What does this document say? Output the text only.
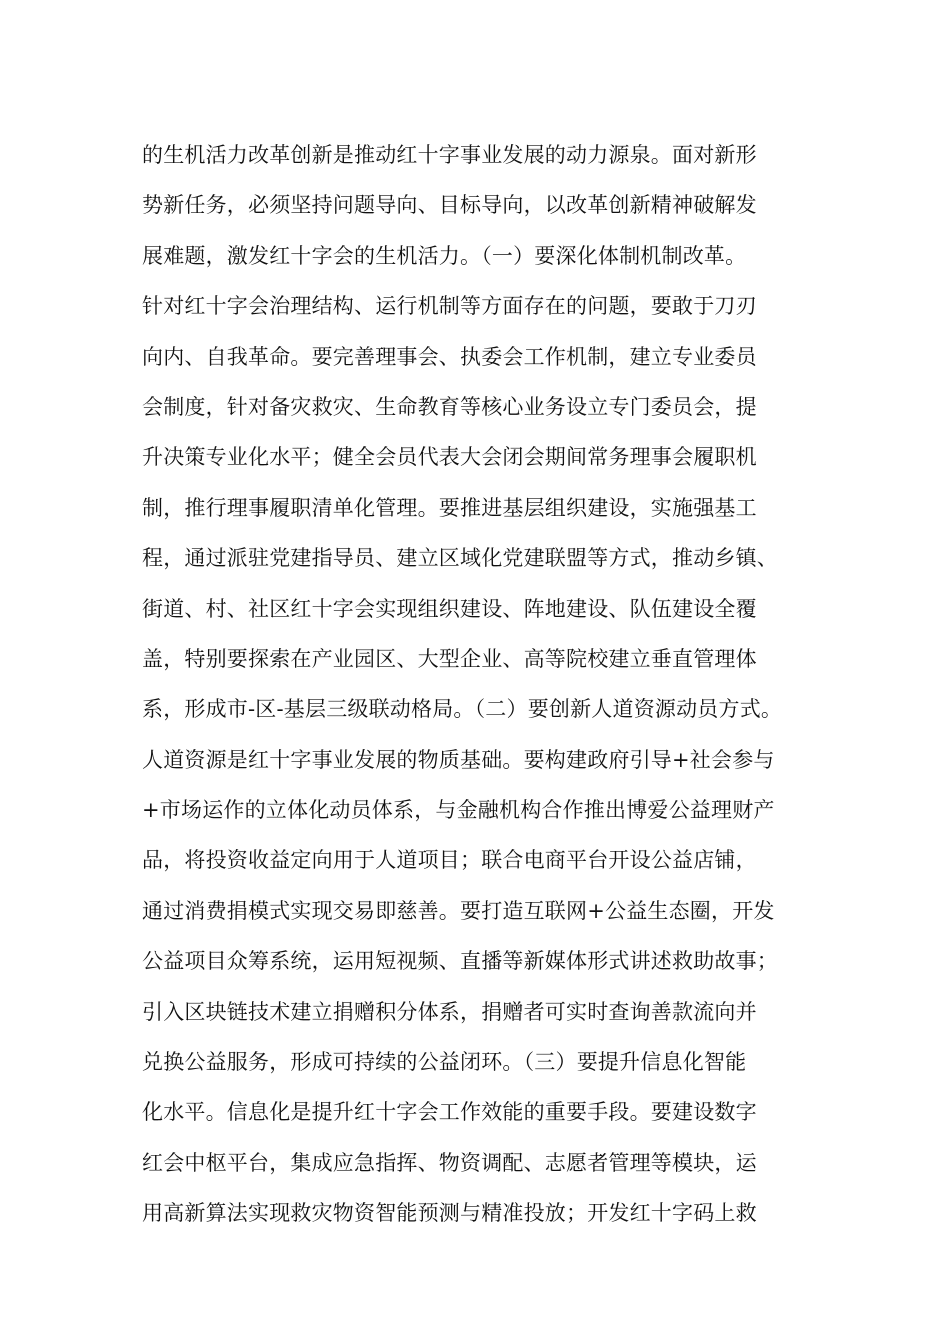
的生机活力改革创新是推动红十字事业发展的动力源泉。面对新形
势新任务，必须坚持问题导向、目标导向，以改革创新精神破解发
展难题，激发红十字会的生机活力。（一）要深化体制机制改革。
针对红十字会治理结构、运行机制等方面存在的问题，要敢于刀刃
向内、自我革命。要完善理事会、执委会工作机制，建立专业委员
会制度，针对备灾救灾、生命教育等核心业务设立专门委员会，提
升决策专业化水平；健全会员代表大会闭会期间常务理事会履职机
制，推行理事履职清单化管理。要推进基层组织建设，实施强基工
程，通过派驻党建指导员、建立区域化党建联盟等方式，推动乡镇、
街道、村、社区红十字会实现组织建设、阵地建设、队伍建设全覆
盖，特别要探索在产业园区、大型企业、高等院校建立垂直管理体
系，形成市-区-基层三级联动格局。（二）要创新人道资源动员方式。
人道资源是红十字事业发展的物质基础。要构建政府引导+社会参与
+市场运作的立体化动员体系，与金融机构合作推出博爱公益理财产
品，将投资收益定向用于人道项目；联合电商平台开设公益店铺，
通过消费捐模式实现交易即慈善。要打造互联网+公益生态圈，开发
公益项目众筹系统，运用短视频、直播等新媒体形式讲述救助故事；
引入区块链技术建立捐赠积分体系，捐赠者可实时查询善款流向并
兑换公益服务，形成可持续的公益闭环。（三）要提升信息化智能
化水平。信息化是提升红十字会工作效能的重要手段。要建设数字
红会中枢平台，集成应急指挥、物资调配、志愿者管理等模块，运
用高新算法实现救灾物资智能预测与精准投放；开发红十字码上救
